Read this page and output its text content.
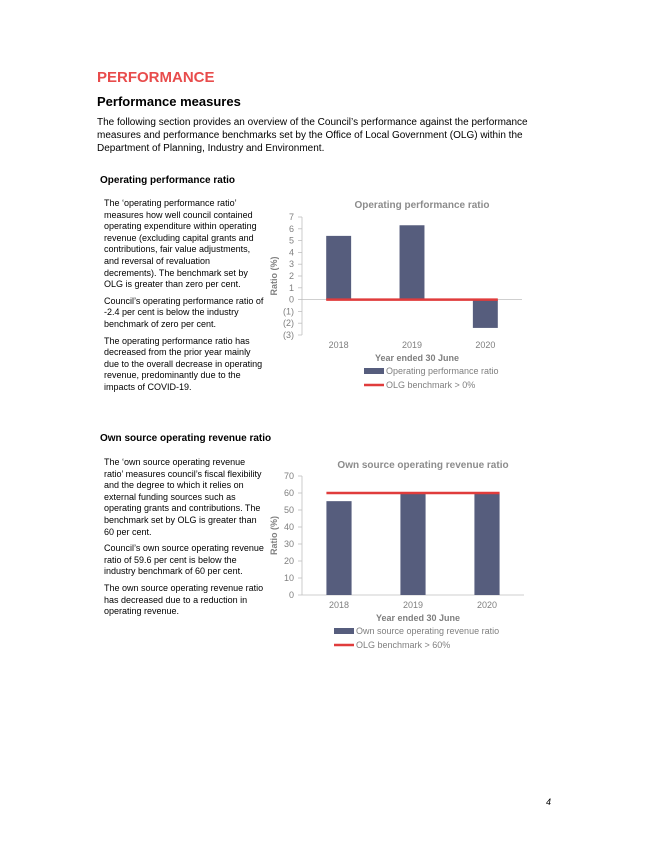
PERFORMANCE
Performance measures
The following section provides an overview of the Council’s performance against the performance measures and performance benchmarks set by the Office of Local Government (OLG) within the Department of Planning, Industry and Environment.
Operating performance ratio

The ‘operating performance ratio’ measures how well council contained operating expenditure within operating revenue (excluding capital grants and contributions, fair value adjustments, and reversal of revaluation decrements). The benchmark set by OLG is greater than zero per cent.

Council’s operating performance ratio of -2.4 per cent is below the industry benchmark of zero per cent.

The operating performance ratio has decreased from the prior year mainly due to the overall decrease in operating revenue, predominantly due to the impacts of COVID-19.

Operating performance ratio
(3)
(2)
(1)
0
1
2
3
4
5
6
7
Ratio (%)
2018	2019	2020
Year ended 30 June
Operating performance ratio
OLG benchmark > 0%
Own source operating revenue ratio

The ‘own source operating revenue ratio’ measures council’s fiscal flexibility and the degree to which it relies on external funding sources such as operating grants and contributions. The benchmark set by OLG is greater than 60 per cent.

Council’s own source operating revenue ratio of 59.6 per cent is below the industry benchmark of 60 per cent.

The own source operating revenue ratio has decreased due to a reduction in operating revenue.

Own source operating revenue ratio
0
10
20
30
40
50
60
70
Ratio (%)
2018	2019	2020
Year ended 30 June
Own source operating revenue ratio
OLG benchmark > 60%
4
